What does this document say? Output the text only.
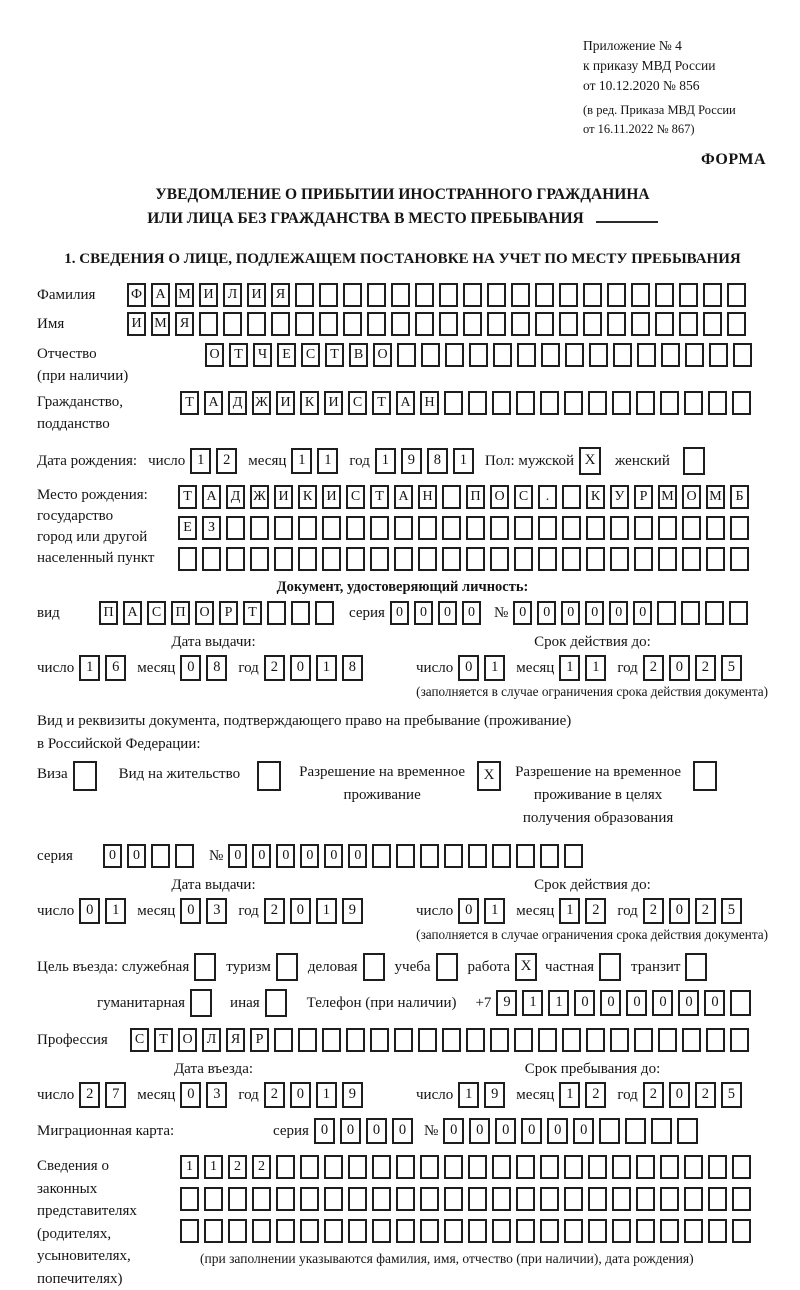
Приложение № 4
к приказу МВД России
от 10.12.2020 № 856
(в ред. Приказа МВД России
от 16.11.2022 № 867)
ФОРМА
УВЕДОМЛЕНИЕ О ПРИБЫТИИ ИНОСТРАННОГО ГРАЖДАНИНА
ИЛИ ЛИЦА БЕЗ ГРАЖДАНСТВА В МЕСТО ПРЕБЫВАНИЯ
1. СВЕДЕНИЯ О ЛИЦЕ, ПОДЛЕЖАЩЕМ ПОСТАНОВКЕ НА УЧЕТ ПО МЕСТУ ПРЕБЫВАНИЯ
Фамилия	Ф А М И	Л	И	Я

Имя	И М Я

Отчество
(при наличии)
О	Т	Ч	Е	С	Т	В	О

Гражданство,
подданство
Т	А	Д Ж И	К	И	С	Т	А Н

Дата рождения: число 1	2	месяц 1	1	год 1	9	8	1	Пол: мужской X	женский

Место рождения:
государство
город или другой
населенный пункт
Т	А	Д Ж И	К	И	С	Т	А Н
	П О	С	.
	К	У	Р М О М Б
Е	З

Документ, удостоверяющий личность:
вид	П А	С	П О	Р	Т

	серия 0	0	0	0	№ 0	0	0	0	0	0

Дата выдачи:
число 1	6	месяц 0	8	год 2	0	1	8
Срок действия до:
число 0	1	месяц 1	1	год 2	0	2	5
(заполняется в случае ограничения срока действия документа)
Вид и реквизиты документа, подтверждающего право на пребывание (проживание)
в Российской Федерации:
Виза
	Вид на жительство
	Разрешение на временное
проживание
X	Разрешение на временное
проживание в целях
получения образования

серия	0	0

	№ 0	0	0	0	0	0

Дата выдачи:
число 0	1	месяц 0	3	год 2	0	1	9
Срок действия до:
число 0	1	месяц 1	2	год 2	0	2	5
(заполняется в случае ограничения срока действия документа)
Цель въезда: служебная
туризм
деловая
учеба
работа X частная
транзит

гуманитарная
	иная
	Телефон (при наличии) +7 9	1	1	0	0	0	0	0	0

Профессия	С	Т	О	Л	Я	Р

Дата въезда:
число 2	7	месяц 0	3	год 2	0	1	9
Срок пребывания до:
число 1	9	месяц 1	2	год 2	0	2	5
Миграционная карта:	серия 0	0	0	0	№ 0	0	0	0	0	0

Сведения о
законных
представителях
(родителях,
усыновителях,
попечителях)
1	1	2	2

(при заполнении указываются фамилия, имя, отчество (при наличии), дата рождения)
